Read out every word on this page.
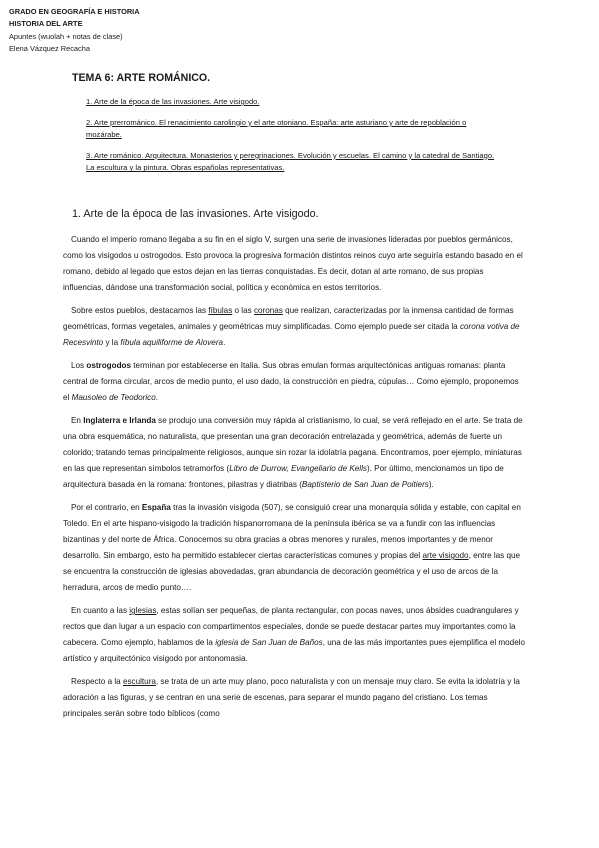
GRADO EN GEOGRAFÍA E HISTORIA
HISTORIA DEL ARTE
Apuntes (wuolah + notas de clase)
Elena Vázquez Recacha
TEMA 6: ARTE ROMÁNICO.
1. Arte de la época de las invasiones. Arte visigodo.
2. Arte prerrománico. El renacimiento carolingio y el arte otoniano. España: arte asturiano y arte de repoblación o mozárabe.
3. Arte románico. Arquitectura. Monasterios y peregrinaciones. Evolución y escuelas. El camino y la catedral de Santiago. La escultura y la pintura. Obras españolas representativas.
1. Arte de la época de las invasiones. Arte visigodo.

Cuando el imperio romano llegaba a su fin en el siglo V, surgen una serie de invasiones lideradas por pueblos germánicos, como los visigodos u ostrogodos. Esto provoca la progresiva formación distintos reinos cuyo arte seguiría estando basado en el romano, debido al legado que estos dejan en las tierras conquistadas. Es decir, dotan al arte romano, de sus propias influencias, dándose una transformación social, política y económica en estos territorios.

Sobre estos pueblos, destacamos las fíbulas o las coronas que realizan, caracterizadas por la inmensa cantidad de formas geométricas, formas vegetales, animales y geométricas muy simplificadas. Como ejemplo puede ser citada la corona votiva de Recesvinto y la fíbula aquiliforme de Alovera.

Los ostrogodos terminan por establecerse en Italia. Sus obras emulan formas arquitectónicas antiguas romanas: planta central de forma circular, arcos de medio punto, el uso dado, la construcción en piedra, cúpulas… Como ejemplo, proponemos el Mausoleo de Teodorico.

En Inglaterra e Irlanda se produjo una conversión muy rápida al cristianismo, lo cual, se verá reflejado en el arte. Se trata de una obra esquemática, no naturalista, que presentan una gran decoración entrelazada y geométrica, además de fuerte un colorido; tratando temas principalmente religiosos, aunque sin rozar la idolatría pagana. Encontramos, poer ejemplo, miniaturas en las que representan símbolos tetramorfos (Libro de Durrow, Evangeliario de Kells). Por último, mencionamos un tipo de arquitectura basada en la romana: frontones, pilastras y diatribas (Baptisterio de San Juan de Poitiers).

Por el contrario, en España tras la invasión visigoda (507), se consiguió crear una monarquía sólida y estable, con capital en Toledo. En el arte hispano-visigodo la tradición hispanorromana de la península ibérica se va a fundir con las influencias bizantinas y del norte de África. Conocemos su obra gracias a obras menores y rurales, menos importantes y de menor desarrollo. Sin embargo, esto ha permitido establecer ciertas características comunes y propias del arte visigodo, entre las que se encuentra la construcción de iglesias abovedadas, gran abundancia de decoración geométrica y el uso de arcos de la herradura, arcos de medio punto….

En cuanto a las iglesias, estas solían ser pequeñas, de planta rectangular, con pocas naves, unos ábsides cuadrangulares y rectos que dan lugar a un espacio con compartimentos especiales, donde se puede destacar partes muy importantes como la cabecera. Como ejemplo, hablamos de la iglesia de San Juan de Baños, una de las más importantes pues ejemplifica el modelo artístico y arquitectónico visigodo por antonomasia.

Respecto a la escultura, se trata de un arte muy plano, poco naturalista y con un mensaje muy claro. Se evita la idolatría y la adoración a las figuras, y se centran en una serie de escenas, para separar el mundo pagano del cristiano. Los temas principales serán sobre todo bíblicos (como
